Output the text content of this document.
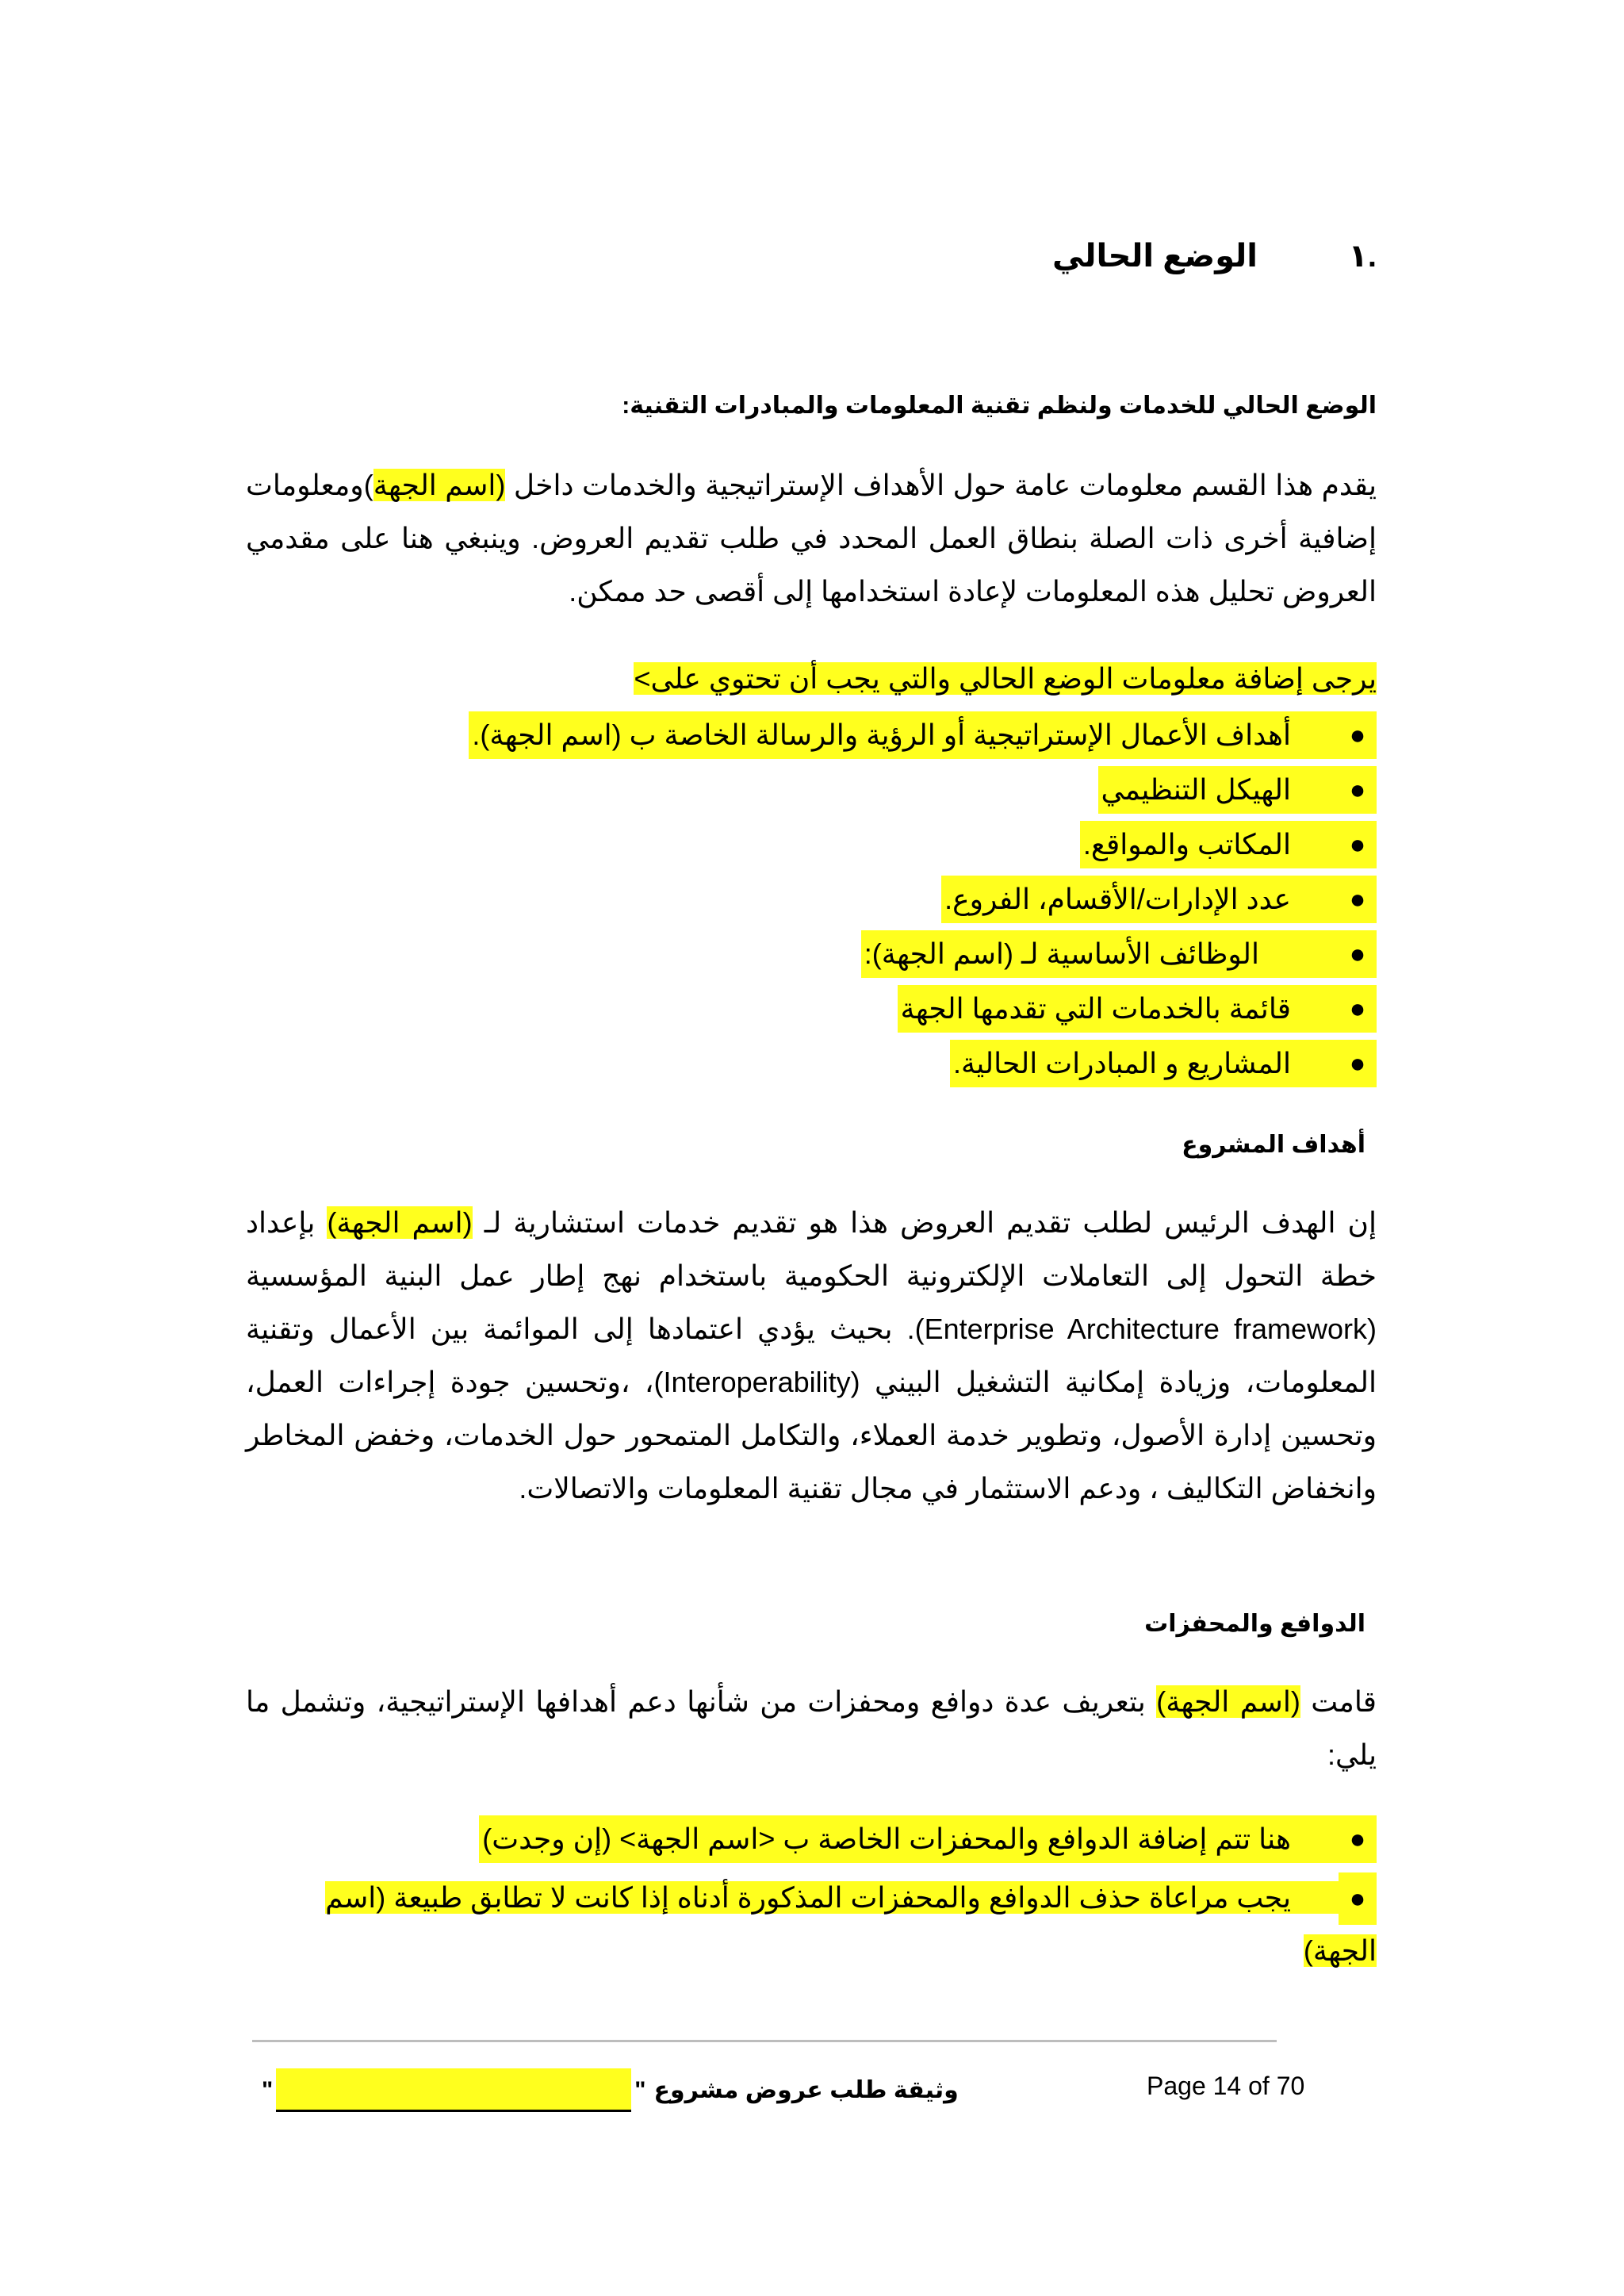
.١الوضع الحالي
الوضع الحالي للخدمات ولنظم تقنية المعلومات والمبادرات التقنية:
يقدم هذا القسم معلومات عامة حول الأهداف الإستراتيجية والخدمات داخل (اسم الجهة)ومعلومات إضافية أخرى ذات الصلة بنطاق العمل المحدد في طلب تقديم العروض. وينبغي هنا على مقدمي العروض تحليل هذه المعلومات لإعادة استخدامها إلى أقصى حد ممكن.
يرجى إضافة معلومات الوضع الحالي والتي يجب أن تحتوي على>
●
أهداف الأعمال الإستراتيجية أو الرؤية والرسالة الخاصة ب (اسم الجهة).
●
الهيكل التنظيمي
●
المكاتب والمواقع.
●
عدد الإدارات/الأقسام، الفروع.
●
الوظائف الأساسية لـ (اسم الجهة):
●
قائمة بالخدمات التي تقدمها الجهة
●
المشاريع و المبادرات الحالية.
أهداف المشروع
إن الهدف الرئيس لطلب تقديم العروض هذا هو تقديم خدمات استشارية لـ (اسم الجهة) بإعداد خطة التحول إلى التعاملات الإلكترونية الحكومية باستخدام نهج إطار عمل البنية المؤسسية (Enterprise Architecture framework). بحيث يؤدي اعتمادها إلى الموائمة بين الأعمال وتقنية المعلومات، وزيادة إمكانية التشغيل البيني (Interoperability)، ،وتحسين جودة إجراءات العمل، وتحسين إدارة الأصول، وتطوير خدمة العملاء، والتكامل المتمحور حول الخدمات، وخفض المخاطر وانخفاض التكاليف ، ودعم الاستثمار في مجال تقنية المعلومات والاتصالات.
الدوافع والمحفزات
قامت (اسم الجهة) بتعريف عدة دوافع ومحفزات من شأنها دعم أهدافها الإستراتيجية، وتشمل ما يلي:
●
هنا تتم إضافة الدوافع والمحفزات الخاصة ب <اسم الجهة> (إن وجدت)
●يجب مراعاة حذف الدوافع والمحفزات المذكورة أدناه إذا كانت لا تطابق طبيعة (اسم الجهة)
وثيقة طلب عروض مشروع
"
"	Page 14 of 70
